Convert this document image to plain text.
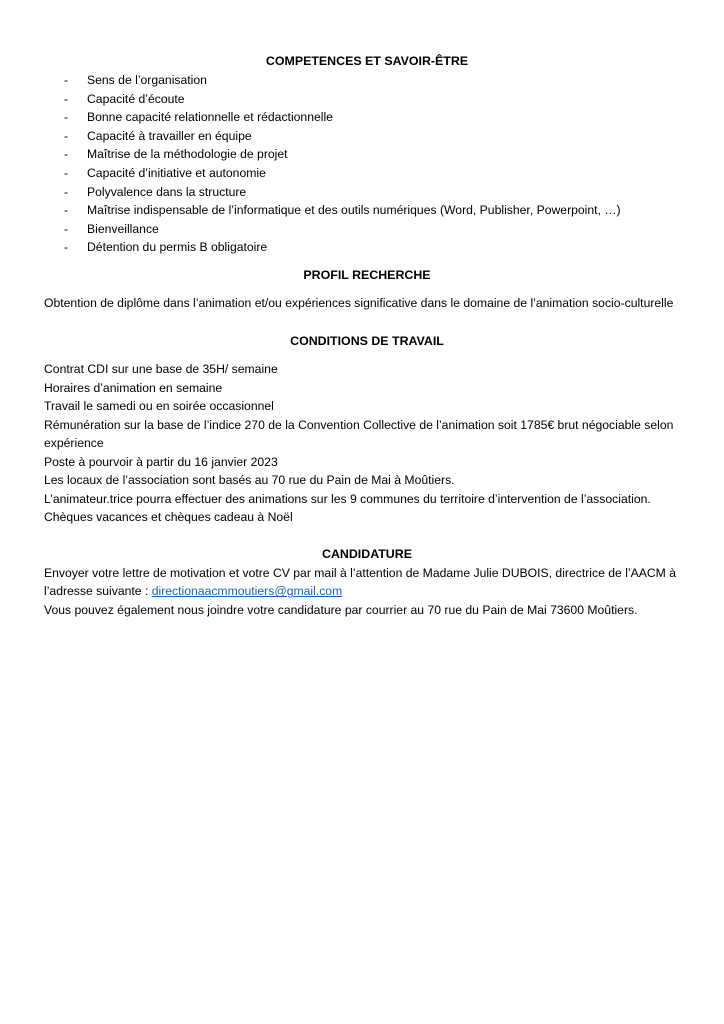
COMPETENCES ET SAVOIR-ÊTRE
- Sens de l’organisation
- Capacité d’écoute
- Bonne capacité relationnelle et rédactionnelle
- Capacité à travailler en équipe
- Maîtrise de la méthodologie de projet
- Capacité d’initiative et autonomie
- Polyvalence dans la structure
- Maîtrise indispensable de l’informatique et des outils numériques (Word, Publisher, Powerpoint, …)
- Bienveillance
- Détention du permis B obligatoire
PROFIL RECHERCHE

Obtention de diplôme dans l’animation et/ou expériences significative dans le domaine de l’animation socio-culturelle

CONDITIONS DE TRAVAIL

Contrat CDI sur une base de 35H/ semaine

Horaires d’animation en semaine

Travail le samedi ou en soirée occasionnel

Rémunération sur la base de l’indice 270 de la Convention Collective de l’animation soit 1785€ brut négociable selon expérience

Poste à pourvoir à partir du 16 janvier 2023

Les locaux de l’association sont basés au 70 rue du Pain de Mai à Moûtiers.

L’animateur.trice pourra effectuer des animations sur les 9 communes du territoire d’intervention de l’association.

Chèques vacances et chèques cadeau à Noël

CANDIDATURE

Envoyer votre lettre de motivation et votre CV par mail à l’attention de Madame Julie DUBOIS, directrice de l’AACM à l’adresse suivante : directionaacmmoutiers@gmail.com

Vous pouvez également nous joindre votre candidature par courrier au 70 rue du Pain de Mai 73600 Moûtiers.
